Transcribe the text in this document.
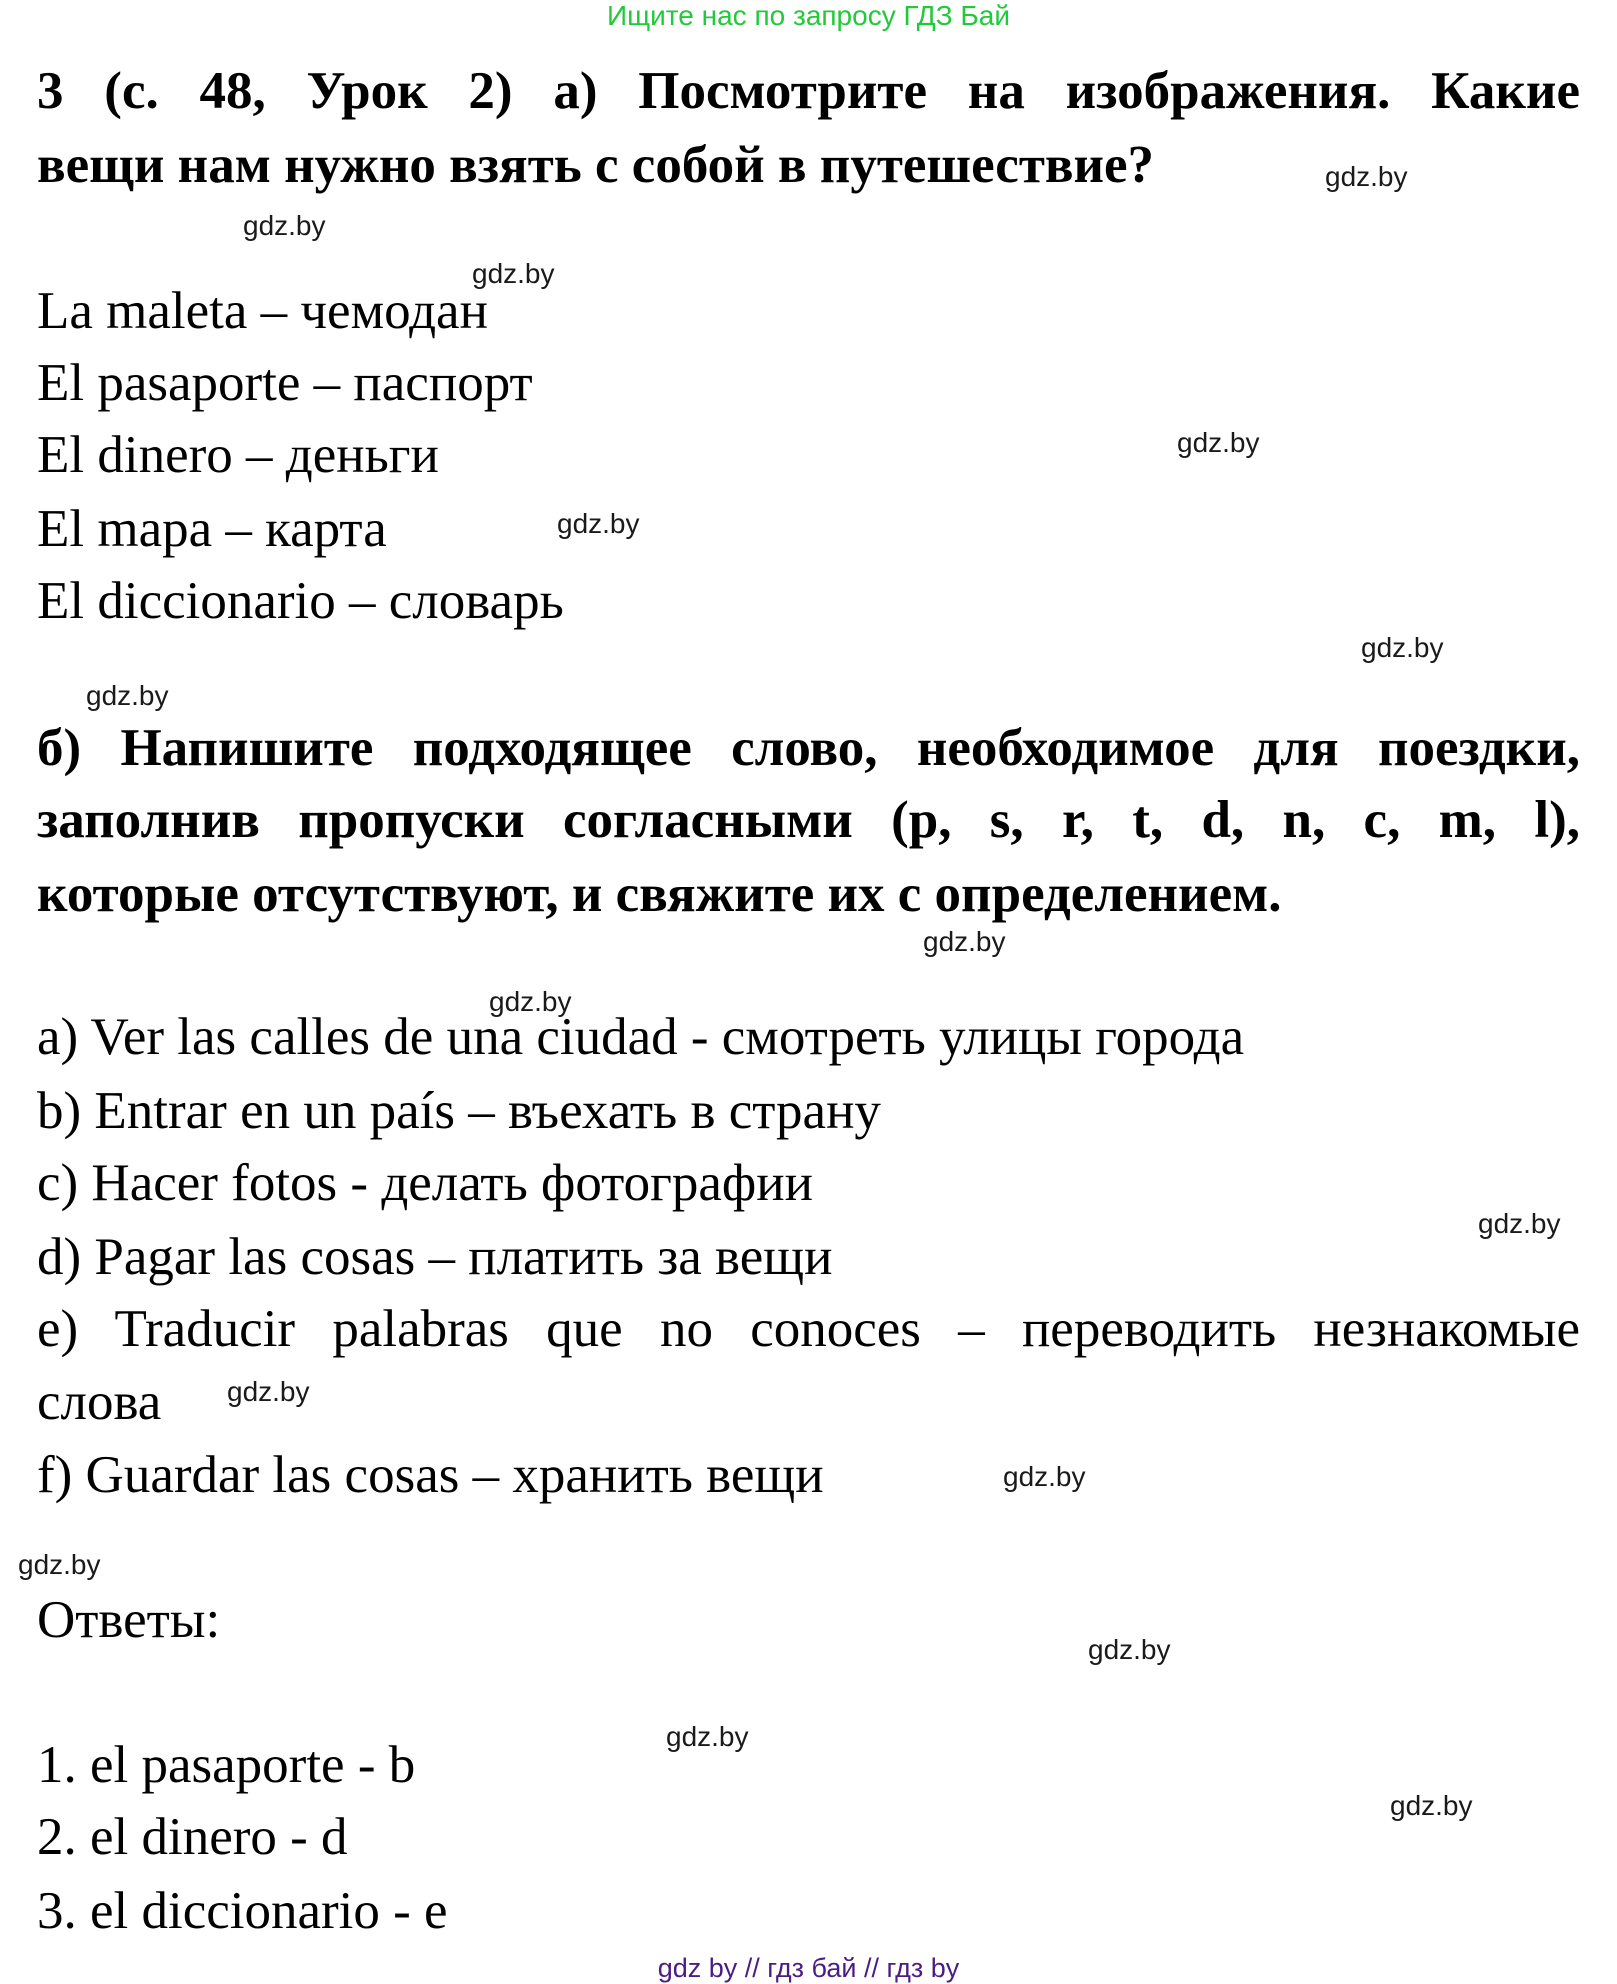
Ищите нас по запросу ГДЗ Бай
3 (с. 48, Урок 2) а) Посмотрите на изображения. Какие
вещи нам нужно взять с собой в путешествие?
La maleta – чемодан
El pasaporte – паспорт
El dinero – деньги
El mapa – карта
El diccionario – словарь
б) Напишите подходящее слово, необходимое для поездки,
заполнив пропуски согласными (p, s, r, t, d, n, c, m, l),
которые отсутствуют, и свяжите их с определением.
a) Ver las calles de una ciudad - смотреть улицы города
b) Entrar en un país – въехать в страну
c) Hacer fotos - делать фотографии
d) Pagar las cosas – платить за вещи
e) Traducir palabras que no conoces – переводить незнакомые
слова
f) Guardar las cosas – хранить вещи
Ответы:
1. el pasaporte - b
2. el dinero - d
3. el diccionario - e
gdz.by
gdz.by
gdz.by
gdz.by
gdz.by
gdz.by
gdz.by
gdz.by
gdz.by
gdz.by
gdz.by
gdz.by
gdz.by
gdz.by
gdz.by
gdz.by
gdz by // гдз бай // гдз by
